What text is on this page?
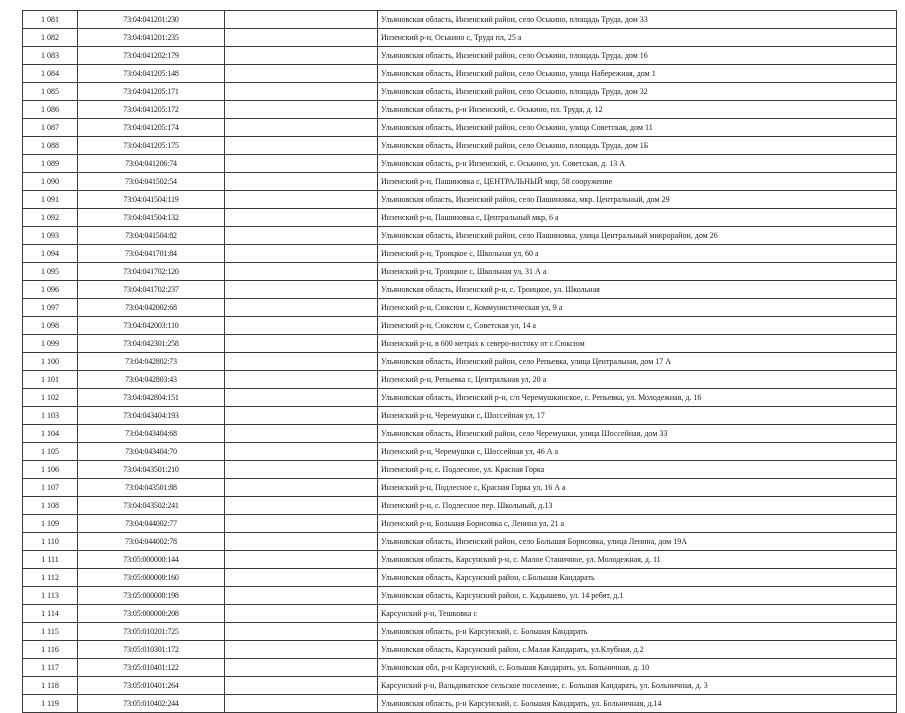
1 081	73:04:041201:230		Ульяновская область, Инзенский район, село Оськино, площадь Труда, дом 33
1 082	73:04:041201:235		Инзенский р-н, Оськино с, Труда пл, 25 а
1 083	73:04:041202:179		Ульяновская область, Инзенский район, село Оськино, площадь Труда, дом 16
1 084	73:04:041205:148		Ульяновская область, Инзенский район, село Оськино, улица Набережная, дом 1
1 085	73:04:041205:171		Ульяновская область, Инзенский район, село Оськино, площадь Труда, дом 32
1 086	73:04:041205:172		Ульяновская область, р-н Инзенский, с. Оськино, пл. Труда, д. 12
1 087	73:04:041205:174		Ульяновская область, Инзенский район, село Оськино, улица Советская, дом 11
1 088	73:04:041205:175		Ульяновская область, Инзенский район, село Оськино, площадь Труда, дом 1Б
1 089	73:04:041206:74		Ульяновская область, р-н Инзенский, с. Оськино, ул. Советская, д. 13 А
1 090	73:04:041502:54		Инзенский р-н, Пашиновка с, ЦЕНТРАЛЬНЫЙ мкр, 58 сооружение
1 091	73:04:041504:119		Ульяновская область, Инзенский район, село Пашиновка, мкр. Центральный, дом 29
1 092	73:04:041504:132		Инзенский р-н, Пашиновка с, Центральный мкр, 6 а
1 093	73:04:041504:82		Ульяновская область, Инзенский район, село Пашиновка, улица Центральный микрорайон, дом 26
1 094	73:04:041701:84		Инзенский р-н, Троицкое с, Школьная ул, 60 а
1 095	73:04:041702:120		Инзенский р-н, Троицкое с, Школьная ул, 31 А а
1 096	73:04:041702:237		Ульяновская область, Инзенский р-н, с. Троицкое, ул. Школьная
1 097	73:04:042002:68		Инзенский р-н, Сюксюм с, Коммунистическая ул, 9 а
1 098	73:04:042003:110		Инзенский р-н, Сюксюм с, Советская ул, 14 а
1 099	73:04:042301:258		Инзенский р-н, в 600 метрах к северо-востоку от с.Сюксюм
1 100	73:04:042802:73		Ульяновская область, Инзенский район, село Репьевка, улица Центральная, дом 17 А
1 101	73:04:042803:43		Инзенский р-н, Репьевка с, Центральная ул, 20 а
1 102	73:04:042804:151		Ульяновская область, Инзенский р-н, с/п Черемушкинское, с. Репьевка, ул. Молодежная, д. 16
1 103	73:04:043404:193		Инзенский р-н, Черемушки с, Шоссейная ул, 17
1 104	73:04:043404:68		Ульяновская область, Инзенский район, село Черемушки, улица Шоссейная, дом 33
1 105	73:04:043404:70		Инзенский р-н, Черемушки с, Шоссейная ул, 46 А а
1 106	73:04:043501:210		Инзенский р-н, с. Подлесное, ул. Красная Горка
1 107	73:04:043501:88		Инзенский р-н, Подлесное с, Красная Горка ул, 16 А а
1 108	73:04:043502:241		Инзенский р-н, с. Подлесное пер. Школьный, д.13
1 109	73:04:044002:77		Инзенский р-н, Большая Борисовка с, Ленина ул, 21 а
1 110	73:04:044002:78		Ульяновская область, Инзенский район, село Большая Борисовка, улица Ленина, дом 19А
1 111	73:05:000000:144		Ульяновская область, Карсунский р-н, с. Малое Станичное, ул. Молодежная, д. 11
1 112	73:05:000000:160		Ульяновская область, Карсунский район, с.Большая Кандарать
1 113	73:05:000000:198		Ульяновская область, Карсунский район, с. Кадышево, ул. 14 ребят, д.1
1 114	73:05:000000:208		Карсунский р-н, Тешковка с
1 115	73:05:010201:725		Ульяновская область, р-н Карсунский, с. Большая Кандарать
1 116	73:05:010301:172		Ульяновская область, Карсунский район, с.Малая Кандарать, ул.Клубная, д.2
1 117	73:05:010401:122		Ульяновская обл, р-н Карсунский, с. Большая Кандарать, ул. Больничная, д. 10
1 118	73:05:010401:264		Карсунский р-н, Вальдиватское сельское поселение, с. Большая Кандарать, ул. Больничная, д. 3
1 119	73:05:010402:244		Ульяновская область, р-н Карсунский, с. Большая Кандарать, ул. Больничная, д.14
